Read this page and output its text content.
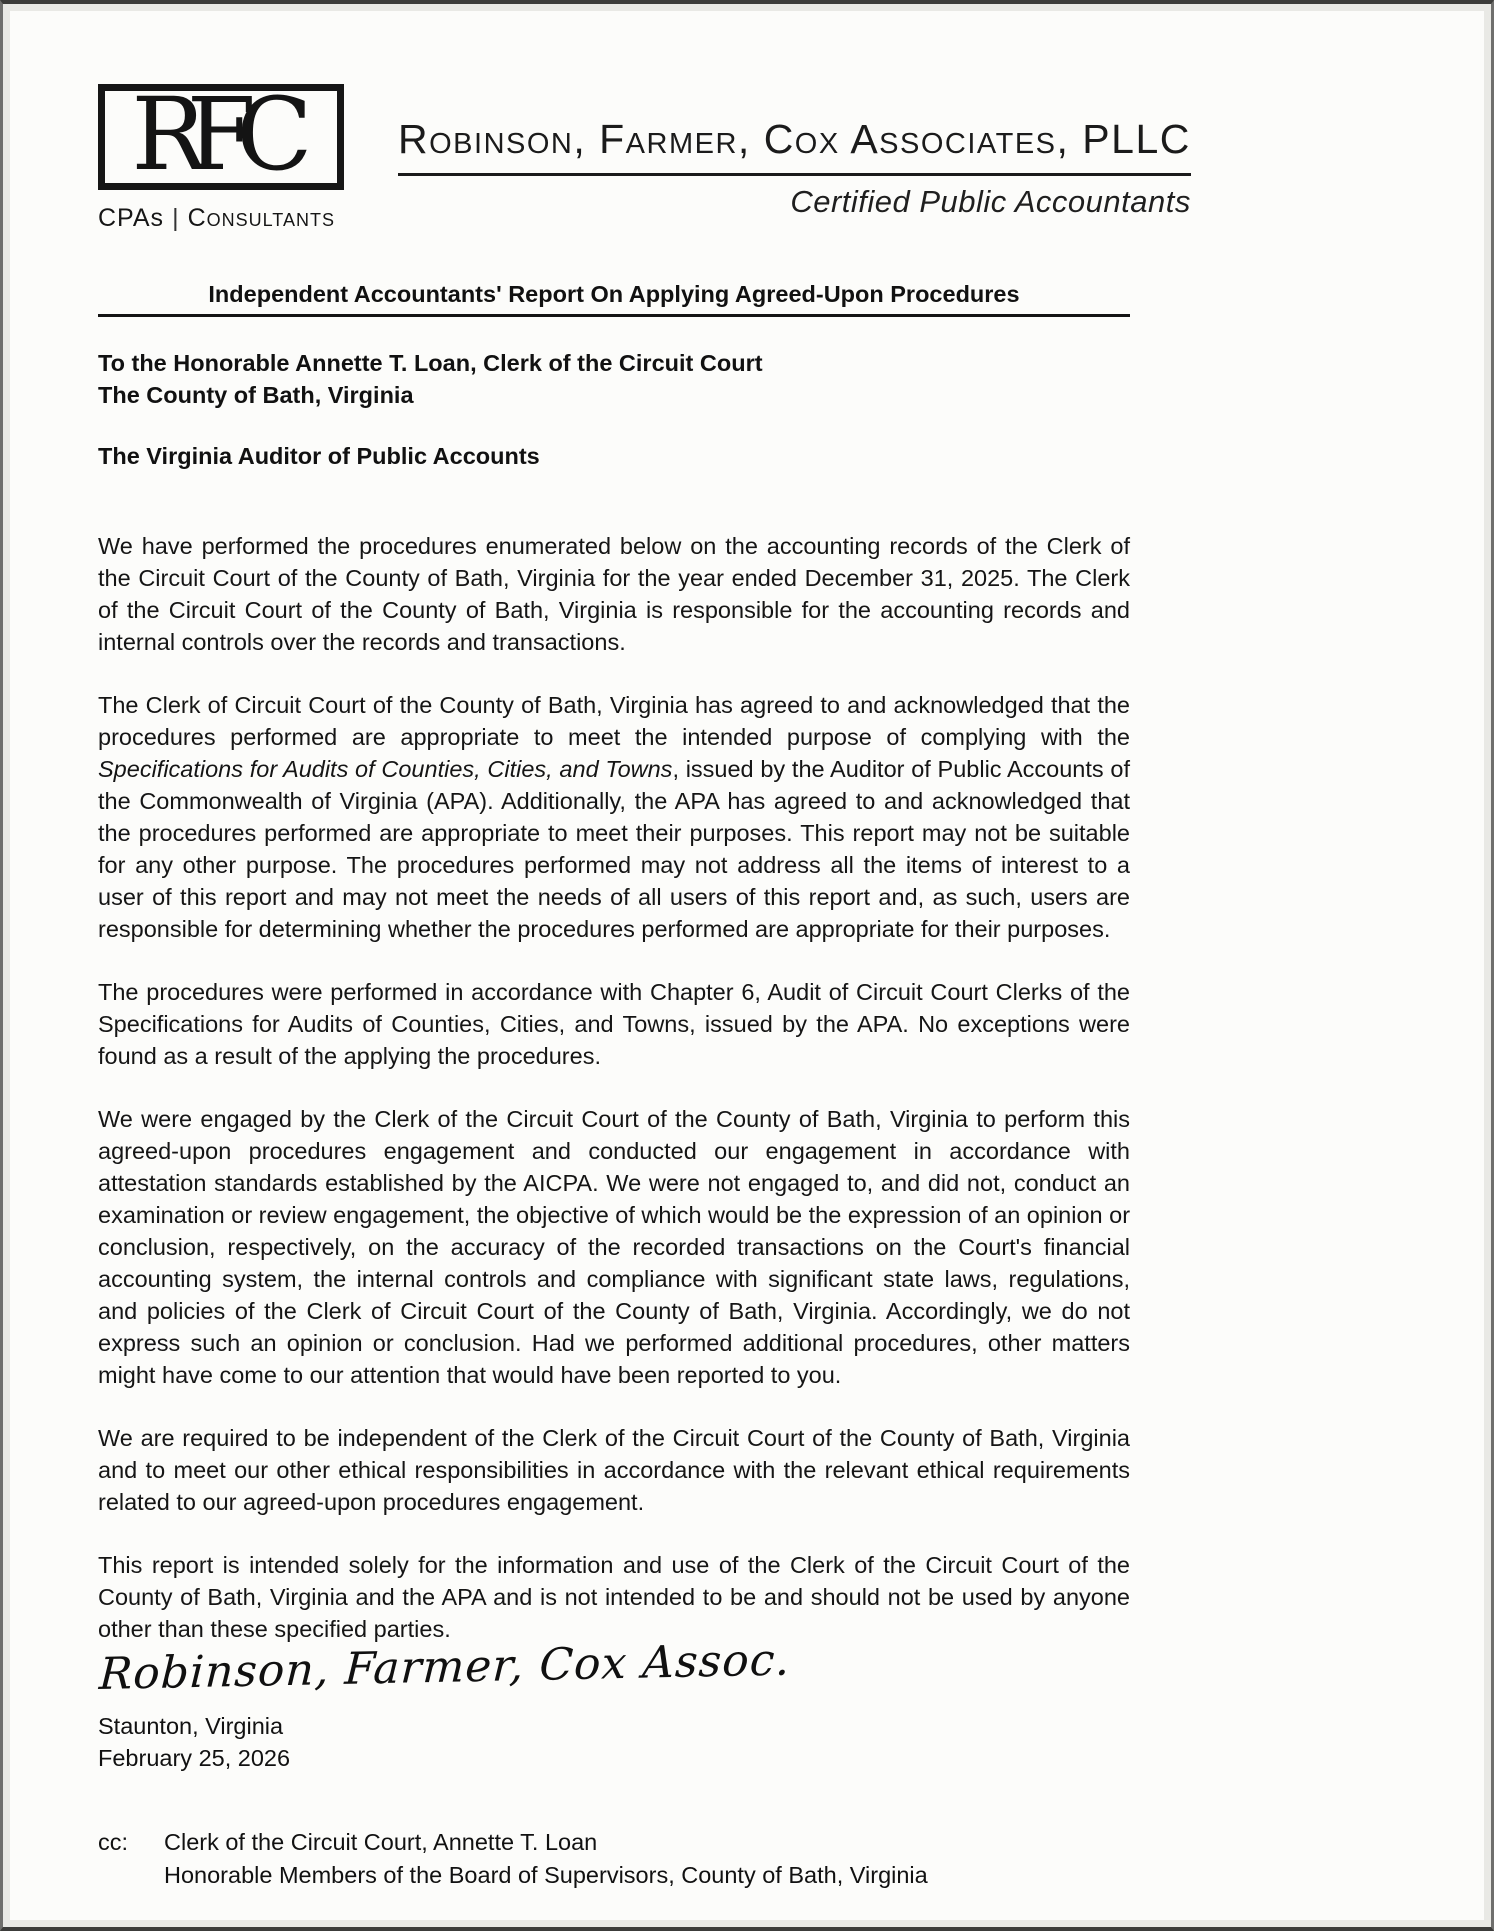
RFC
CPAs | Consultants
Robinson, Farmer, Cox Associates, PLLC
Certified Public Accountants
Independent Accountants' Report On Applying Agreed-Upon Procedures
To the Honorable Annette T. Loan, Clerk of the Circuit Court
The County of Bath, Virginia
The Virginia Auditor of Public Accounts

We have performed the procedures enumerated below on the accounting records of the Clerk of the Circuit Court of the County of Bath, Virginia for the year ended December 31, 2025. The Clerk of the Circuit Court of the County of Bath, Virginia is responsible for the accounting records and internal controls over the records and transactions.

The Clerk of Circuit Court of the County of Bath, Virginia has agreed to and acknowledged that the procedures performed are appropriate to meet the intended purpose of complying with the Specifications for Audits of Counties, Cities, and Towns, issued by the Auditor of Public Accounts of the Commonwealth of Virginia (APA). Additionally, the APA has agreed to and acknowledged that the procedures performed are appropriate to meet their purposes. This report may not be suitable for any other purpose. The procedures performed may not address all the items of interest to a user of this report and may not meet the needs of all users of this report and, as such, users are responsible for determining whether the procedures performed are appropriate for their purposes.

The procedures were performed in accordance with Chapter 6, Audit of Circuit Court Clerks of the Specifications for Audits of Counties, Cities, and Towns, issued by the APA. No exceptions were found as a result of the applying the procedures.

We were engaged by the Clerk of the Circuit Court of the County of Bath, Virginia to perform this agreed-upon procedures engagement and conducted our engagement in accordance with attestation standards established by the AICPA. We were not engaged to, and did not, conduct an examination or review engagement, the objective of which would be the expression of an opinion or conclusion, respectively, on the accuracy of the recorded transactions on the Court's financial accounting system, the internal controls and compliance with significant state laws, regulations, and policies of the Clerk of Circuit Court of the County of Bath, Virginia. Accordingly, we do not express such an opinion or conclusion. Had we performed additional procedures, other matters might have come to our attention that would have been reported to you.

We are required to be independent of the Clerk of the Circuit Court of the County of Bath, Virginia and to meet our other ethical responsibilities in accordance with the relevant ethical requirements related to our agreed-upon procedures engagement.

This report is intended solely for the information and use of the Clerk of the Circuit Court of the County of Bath, Virginia and the APA and is not intended to be and should not be used by anyone other than these specified parties.

Robinson, Farmer, Cox Assoc.
Staunton, Virginia
February 25, 2026
cc:	Clerk of the Circuit Court, Annette T. Loan
Honorable Members of the Board of Supervisors, County of Bath, Virginia
